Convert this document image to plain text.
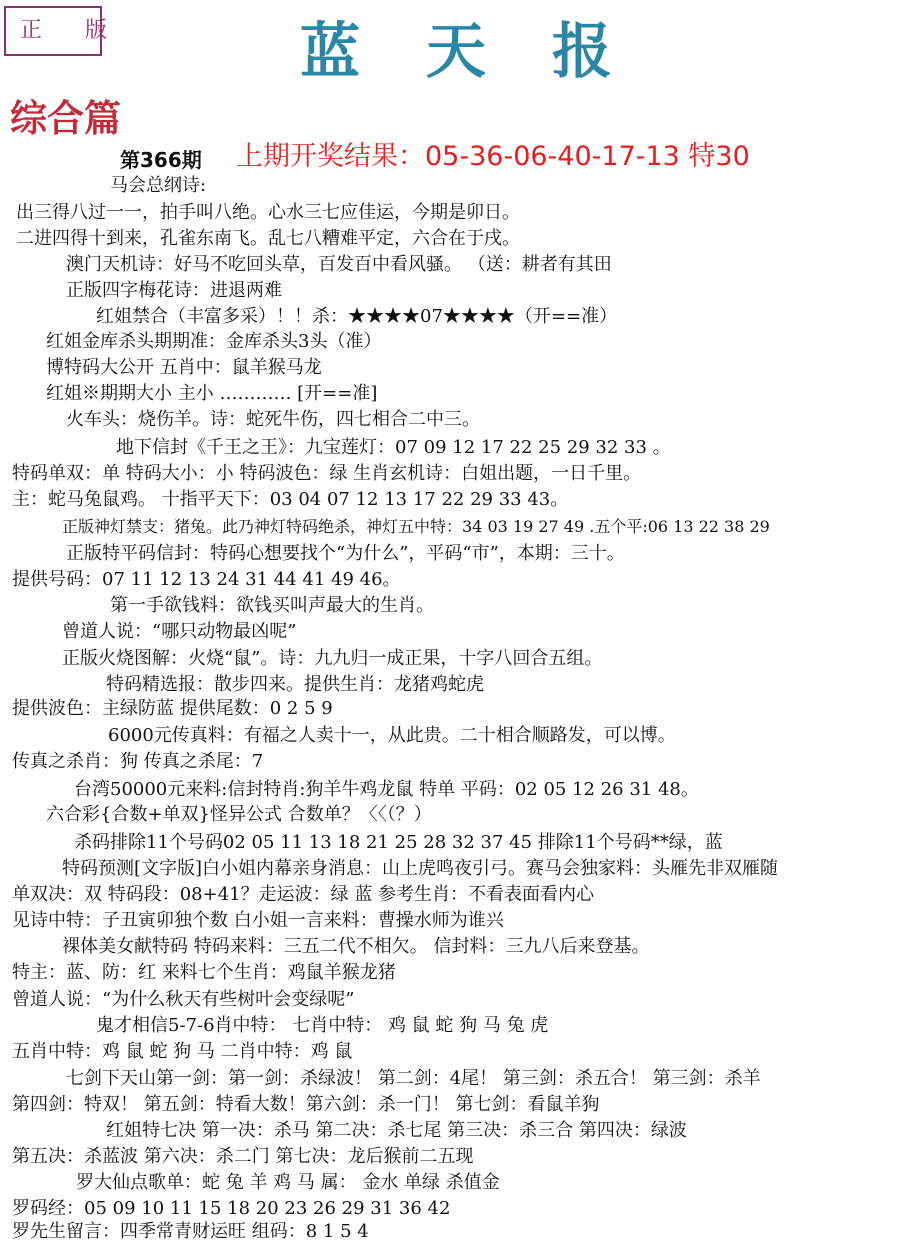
正 版	蓝天报
综合篇
第366期 上期开奖结果：05-36-06-40-17-13 特30
马会总纲诗:
出三得八过一一，拍手叫八绝。心水三七应佳运，今期是卯日。
二进四得十到来，孔雀东南飞。乱七八糟难平定，六合在于戌。
澳门天机诗：好马不吃回头草，百发百中看风骚。 （送：耕者有其田
正版四字梅花诗：进退两难
红姐禁合（丰富多采）！！杀：★★★★07★★★★（开==准）
红姐金库杀头期期准：金库杀头3头（准）
博特码大公开 五肖中：鼠羊猴马龙
红姐※期期大小 主小 ………… [开==准]
火车头：烧伤羊。诗：蛇死牛伤，四七相合二中三。
地下信封《千王之王》：九宝莲灯：07 09 12 17 22 25 29 32 33 。
特码单双：单 特码大小：小 特码波色：绿 生肖玄机诗：白姐出题，一日千里。
主：蛇马兔鼠鸡。 十指平天下：03 04 07 12 13 17 22 29 33 43。
正版神灯禁支：猪兔。此乃神灯特码绝杀，神灯五中特：34 03 19 27 49 .五个平:06 13 22 38 29
正版特平码信封：特码心想要找个“为什么”，平码“市”，本期：三十。
提供号码：07 11 12 13 24 31 44 41 49 46。
第一手欲钱料：欲钱买叫声最大的生肖。
曾道人说：“哪只动物最凶呢”
正版火烧图解：火烧“鼠”。诗：九九归一成正果，十字八回合五组。
特码精选报：散步四来。提供生肖：龙猪鸡蛇虎
提供波色：主绿防蓝 提供尾数：0 2 5 9
6000元传真料：有福之人卖十一，从此贵。二十相合顺路发，可以博。
传真之杀肖：狗 传真之杀尾：7
台湾50000元来料:信封特肖:狗羊牛鸡龙鼠 特单 平码：02 05 12 26 31 48。
六合彩{合数+单双}怪异公式 合数单？〈〈（？）
杀码排除11个号码02 05 11 13 18 21 25 28 32 37 45 排除11个号码**绿，蓝
特码预测[文字版]白小姐内幕亲身消息：山上虎鸣夜引弓。赛马会独家料：头雁先非双雁随
单双决：双 特码段：08+41？走运波：绿 蓝 参考生肖：不看表面看内心
见诗中特：子丑寅卯独个数 白小姐一言来料：曹操水师为谁兴
裸体美女献特码 特码来料：三五二代不相欠。 信封料：三九八后来登基。
特主：蓝、防：红 来料七个生肖：鸡鼠羊猴龙猪
曾道人说：“为什么秋天有些树叶会变绿呢”
鬼才相信5-7-6肖中特： 七肖中特： 鸡 鼠 蛇 狗 马 兔 虎
五肖中特：鸡 鼠 蛇 狗 马 二肖中特：鸡 鼠
七剑下天山第一剑：第一剑：杀绿波！ 第二剑：4尾！ 第三剑：杀五合！ 第三剑：杀羊
第四剑：特双！ 第五剑：特看大数！第六剑：杀一门！ 第七剑：看鼠羊狗
红姐特七决 第一决：杀马 第二决：杀七尾 第三决：杀三合 第四决：绿波
第五决：杀蓝波 第六决：杀二门 第七决：龙后猴前二五现
罗大仙点歌单：蛇 兔 羊 鸡 马 属： 金水 单绿 杀值金
罗码经：05 09 10 11 15 18 20 23 26 29 31 36 42
罗先生留言：四季常青财运旺 组码：8 1 5 4
